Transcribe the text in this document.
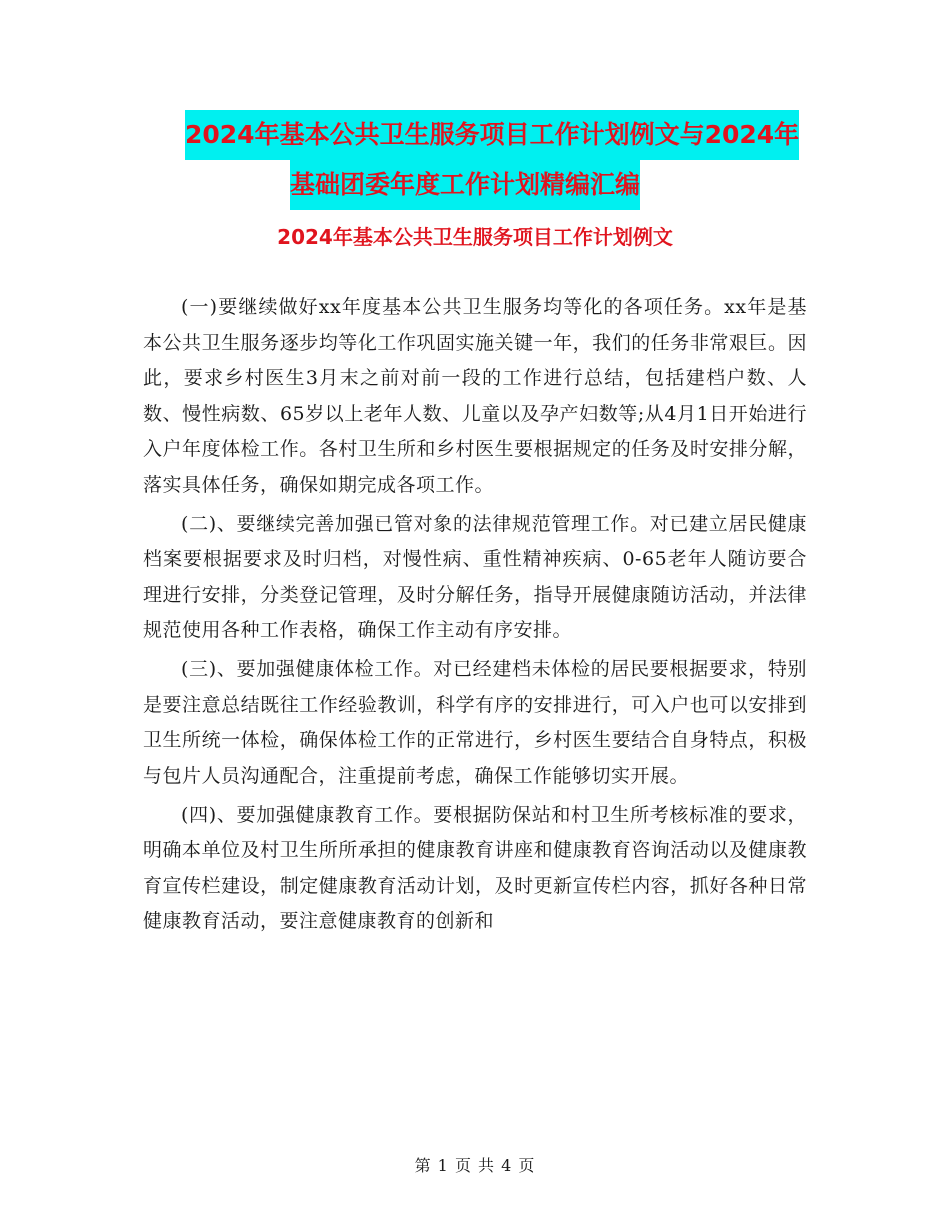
2024年基本公共卫生服务项目工作计划例文与2024年
基础团委年度工作计划精编汇编
2024年基本公共卫生服务项目工作计划例文

(一)要继续做好xx年度基本公共卫生服务均等化的各项任务。xx年是基本公共卫生服务逐步均等化工作巩固实施关键一年，我们的任务非常艰巨。因此，要求乡村医生3月末之前对前一段的工作进行总结，包括建档户数、人数、慢性病数、65岁以上老年人数、儿童以及孕产妇数等;从4月1日开始进行入户年度体检工作。各村卫生所和乡村医生要根据规定的任务及时安排分解，落实具体任务，确保如期完成各项工作。

(二)、要继续完善加强已管对象的法律规范管理工作。对已建立居民健康档案要根据要求及时归档，对慢性病、重性精神疾病、0-65老年人随访要合理进行安排，分类登记管理，及时分解任务，指导开展健康随访活动，并法律规范使用各种工作表格，确保工作主动有序安排。

(三)、要加强健康体检工作。对已经建档未体检的居民要根据要求，特别是要注意总结既往工作经验教训，科学有序的安排进行，可入户也可以安排到卫生所统一体检，确保体检工作的正常进行，乡村医生要结合自身特点，积极与包片人员沟通配合，注重提前考虑，确保工作能够切实开展。

(四)、要加强健康教育工作。要根据防保站和村卫生所考核标准的要求，明确本单位及村卫生所所承担的健康教育讲座和健康教育咨询活动以及健康教育宣传栏建设，制定健康教育活动计划，及时更新宣传栏内容，抓好各种日常健康教育活动，要注意健康教育的创新和

第 1 页 共 4 页
